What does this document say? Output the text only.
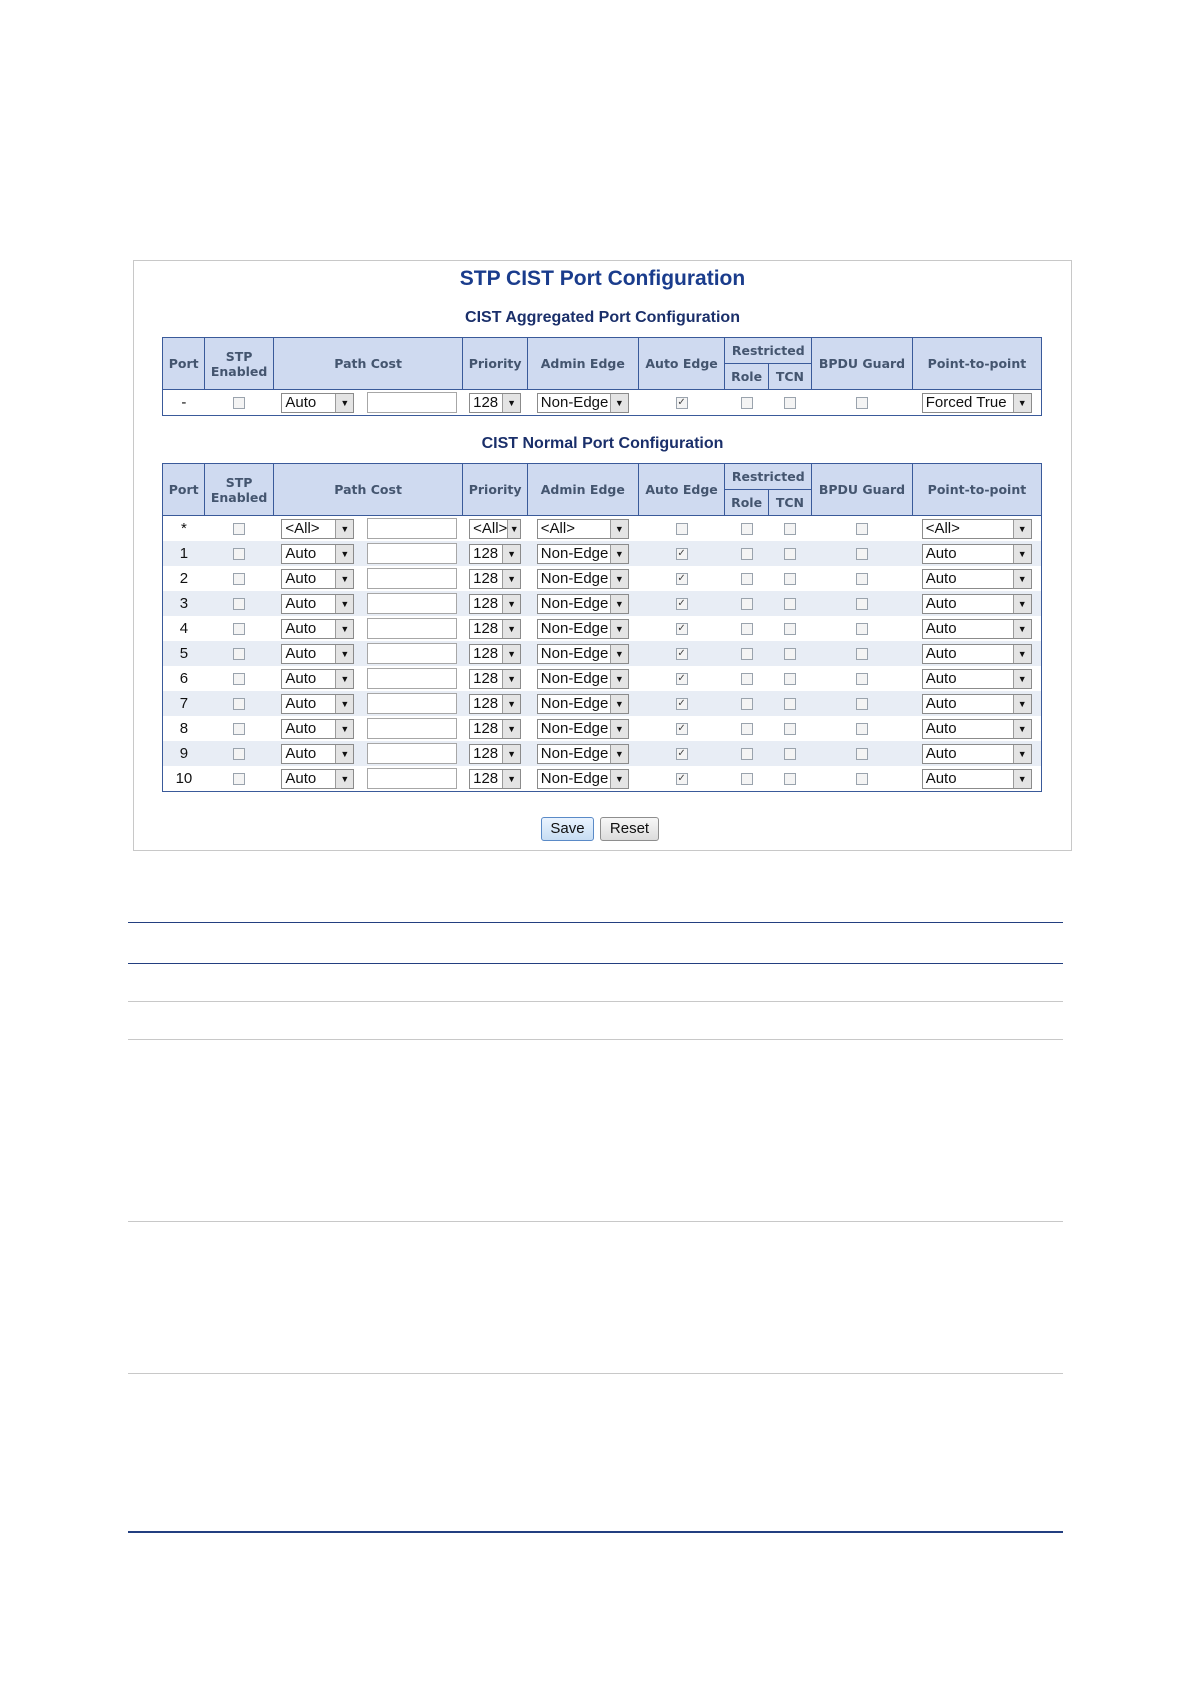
STP CIST Port Configuration
CIST Aggregated Port Configuration
Port	STP Enabled	Path Cost	Priority	Admin Edge	Auto Edge	Restricted		BPDU Guard	Point-to-point
						Role	TCN		
-		Auto ▼	128 ▼	Non-Edge ▼	✓				Forced True ▼
CIST Normal Port Configuration
Port	STP Enabled	Path Cost	Priority	Admin Edge	Auto Edge	Restricted		BPDU Guard	Point-to-point
						Role	TCN		
*		<All> ▼	<All> ▼	<All> ▼					<All> ▼

1		Auto ▼	128 ▼	Non-Edge ▼	✓				Auto ▼

2		Auto ▼	128 ▼	Non-Edge ▼	✓				Auto ▼

3		Auto ▼	128 ▼	Non-Edge ▼	✓				Auto ▼

4		Auto ▼	128 ▼	Non-Edge ▼	✓				Auto ▼

5		Auto ▼	128 ▼	Non-Edge ▼	✓				Auto ▼

6		Auto ▼	128 ▼	Non-Edge ▼	✓				Auto ▼

7		Auto ▼	128 ▼	Non-Edge ▼	✓				Auto ▼

8		Auto ▼	128 ▼	Non-Edge ▼	✓				Auto ▼

9		Auto ▼	128 ▼	Non-Edge ▼	✓				Auto ▼

10		Auto ▼	128 ▼	Non-Edge ▼	✓				Auto ▼
Save	Reset
